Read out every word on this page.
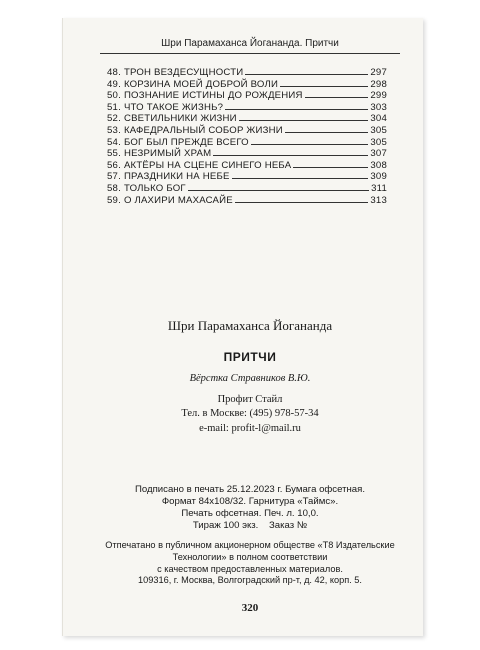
Шри Парамаханса Йогананда. Притчи
48. ТРОН ВЕЗДЕСУЩНОСТИ	297
49. КОРЗИНА МОЕЙ ДОБРОЙ ВОЛИ	298
50. ПОЗНАНИЕ ИСТИНЫ ДО РОЖДЕНИЯ	299
51. ЧТО ТАКОЕ ЖИЗНЬ?	303
52. СВЕТИЛЬНИКИ ЖИЗНИ	304
53. КАФЕДРАЛЬНЫЙ СОБОР ЖИЗНИ	305
54. БОГ БЫЛ ПРЕЖДЕ ВСЕГО	305
55. НЕЗРИМЫЙ ХРАМ	307
56. АКТЁРЫ НА СЦЕНЕ СИНЕГО НЕБА	308
57. ПРАЗДНИКИ НА НЕБЕ	309
58. ТОЛЬКО БОГ	311
59. О ЛАХИРИ МАХАСАЙЕ	313
Шри Парамаханса Йогананда
ПРИТЧИ
Вёрстка Стравников В.Ю.
Профит Стайл
Тел. в Москве: (495) 978-57-34
e-mail: profit-l@mail.ru
Подписано в печать 25.12.2023 г. Бумага офсетная.
Формат 84х108/32. Гарнитура «Таймс».
Печать офсетная. Печ. л. 10,0.
Тираж 100 экз.    Заказ №
Отпечатано в публичном акционерном обществе «Т8 Издательские
Технологии» в полном соответствии
с качеством предоставленных материалов.
109316, г. Москва, Волгоградский пр-т, д. 42, корп. 5.
320
